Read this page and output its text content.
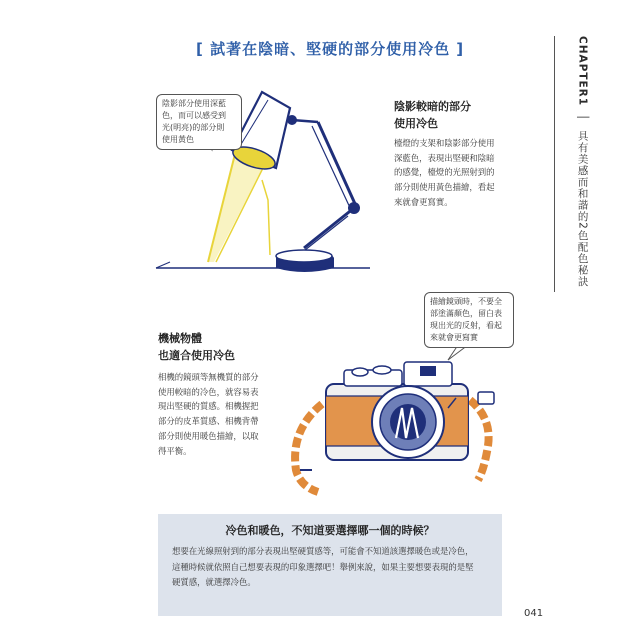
[ 試著在陰暗、堅硬的部分使用冷色 ]	CHAPTER1 │ 具有美感而和諧的2色配色秘訣
陰影部分使用深藍
色，而可以感受到
光(明亮)的部分則
使用黃色
陰影較暗的部分
使用冷色
檯燈的支架和陰影部分使用
深藍色，表現出堅硬和陰暗
的感覺，檯燈的光照射到的
部分則使用黃色描繪，看起
來就會更寫實。
描繪鏡頭時，不要全
部塗滿顏色，留白表
現出光的反射，看起
來就會更寫實
機械物體
也適合使用冷色
相機的鏡頭等無機質的部分
使用較暗的冷色，就容易表
現出堅硬的質感。相機握把
部分的皮革質感、相機背帶
部分則使用暖色描繪，以取
得平衡。
冷色和暖色，不知道要選擇哪一個的時候？
想要在光線照射到的部分表現出堅硬質感等，可能會不知道該選擇暖色或是冷色，
這種時候就依照自己想要表現的印象選擇吧！舉例來說，如果主要想要表現的是堅
硬質感，就選擇冷色。
041
